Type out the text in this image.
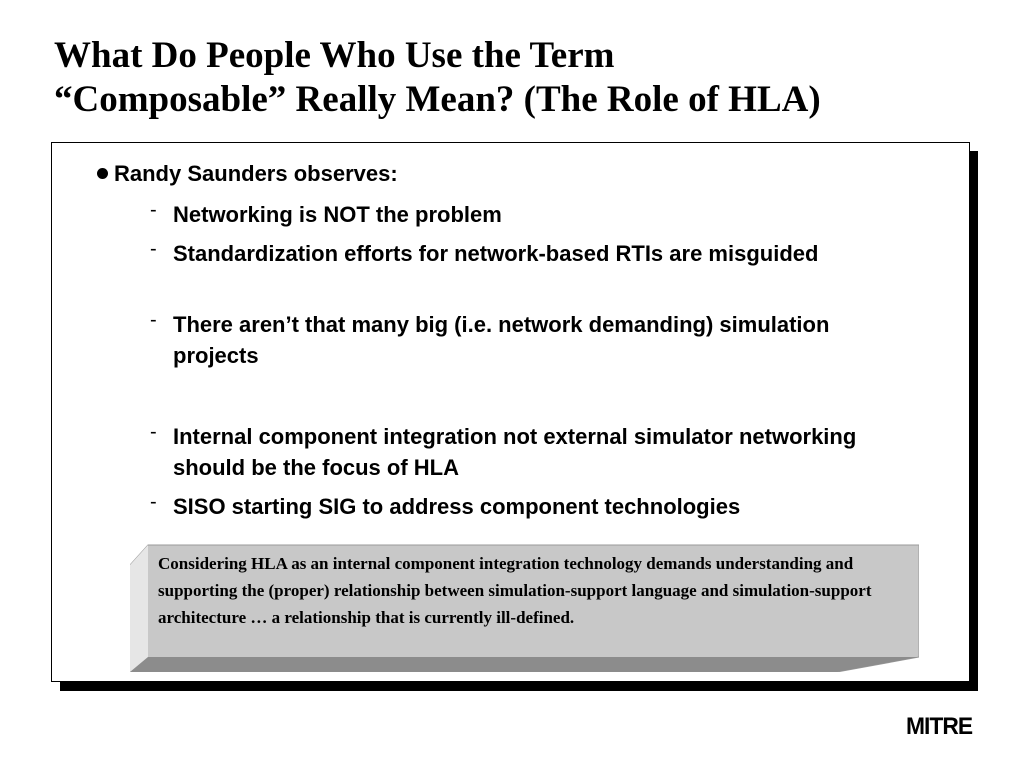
What Do People Who Use the Term
“Composable” Really Mean? (The Role of HLA)
Randy Saunders observes:
- Networking is NOT the problem
- Standardization efforts for network-based RTIs are misguided
- There aren’t that many big (i.e. network demanding) simulation projects
- Internal component integration not external simulator networking should be the focus of HLA
- SISO starting SIG to address component technologies
Considering HLA as an internal component integration technology demands understanding and supporting the (proper) relationship between simulation-support language and simulation-support architecture … a relationship that is currently ill-defined.
MITRE
